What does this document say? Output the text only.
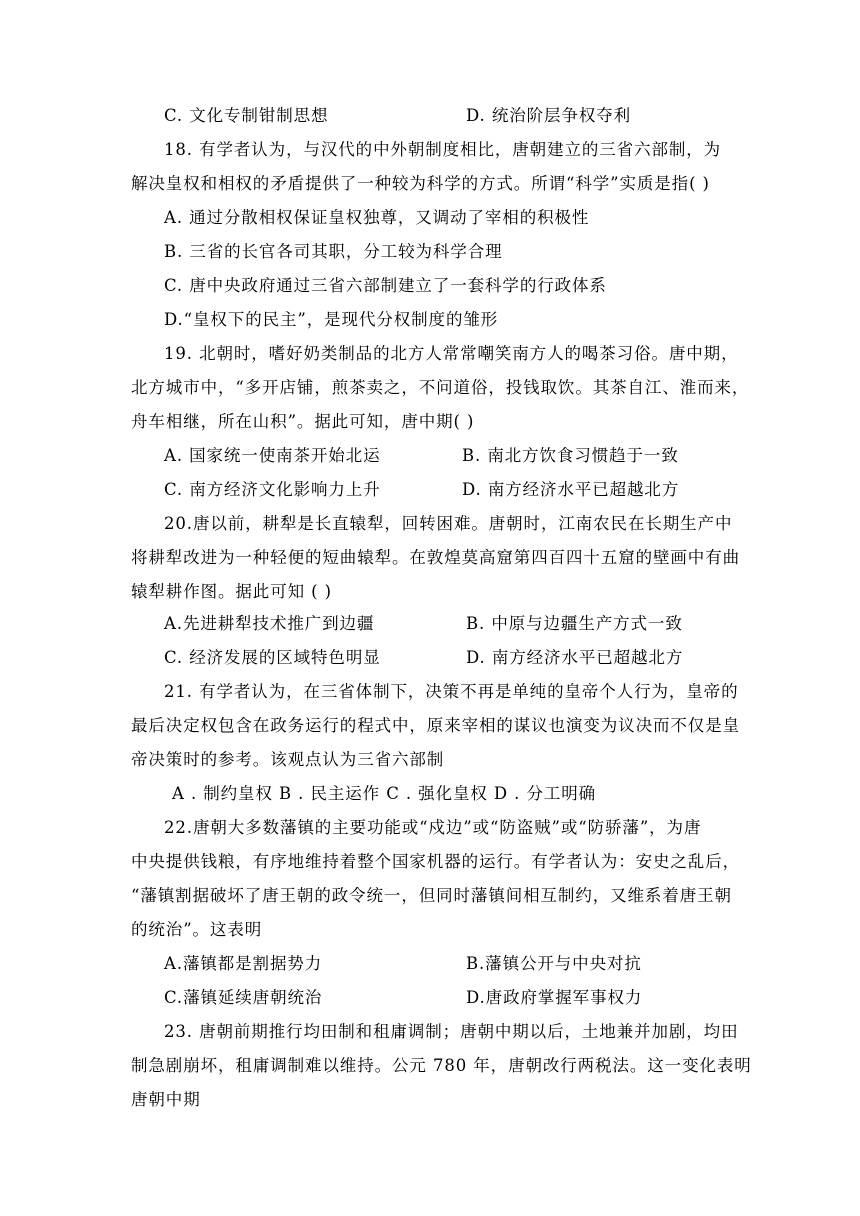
C. 文化专制钳制思想	D. 统治阶层争权夺利
18. 有学者认为，与汉代的中外朝制度相比，唐朝建立的三省六部制，为
解决皇权和相权的矛盾提供了一种较为科学的方式。所谓“科学”实质是指( )
A. 通过分散相权保证皇权独尊，又调动了宰相的积极性
B. 三省的长官各司其职，分工较为科学合理
C. 唐中央政府通过三省六部制建立了一套科学的行政体系
D.“皇权下的民主”，是现代分权制度的雏形
19. 北朝时，嗜好奶类制品的北方人常常嘲笑南方人的喝茶习俗。唐中期，
北方城市中，“多开店铺，煎茶卖之，不问道俗，投钱取饮。其茶自江、淮而来，
舟车相继，所在山积”。据此可知，唐中期( )
A. 国家统一使南茶开始北运	B. 南北方饮食习惯趋于一致
C. 南方经济文化影响力上升	D. 南方经济水平已超越北方
20.唐以前，耕犁是长直辕犁，回转困难。唐朝时，江南农民在长期生产中
将耕犁改进为一种轻便的短曲辕犁。在敦煌莫高窟第四百四十五窟的壁画中有曲
辕犁耕作图。据此可知 ( )
A.先进耕犁技术推广到边疆	B. 中原与边疆生产方式一致
C. 经济发展的区域特色明显	D. 南方经济水平已超越北方
21. 有学者认为，在三省体制下，决策不再是单纯的皇帝个人行为，皇帝的
最后决定权包含在政务运行的程式中，原来宰相的谋议也演变为议决而不仅是皇
帝决策时的参考。该观点认为三省六部制
A . 制约皇权 B . 民主运作 C . 强化皇权 D . 分工明确
22.唐朝大多数藩镇的主要功能或“戍边”或“防盗贼”或“防骄藩”，为唐
中央提供钱粮，有序地维持着整个国家机器的运行。有学者认为：安史之乱后，
“藩镇割据破坏了唐王朝的政令统一，但同时藩镇间相互制约，又维系着唐王朝
的统治”。这表明
A.藩镇都是割据势力	B.藩镇公开与中央对抗
C.藩镇延续唐朝统治	D.唐政府掌握军事权力
23. 唐朝前期推行均田制和租庸调制；唐朝中期以后，土地兼并加剧，均田
制急剧崩坏，租庸调制难以维持。公元 780 年，唐朝改行两税法。这一变化表明
唐朝中期
